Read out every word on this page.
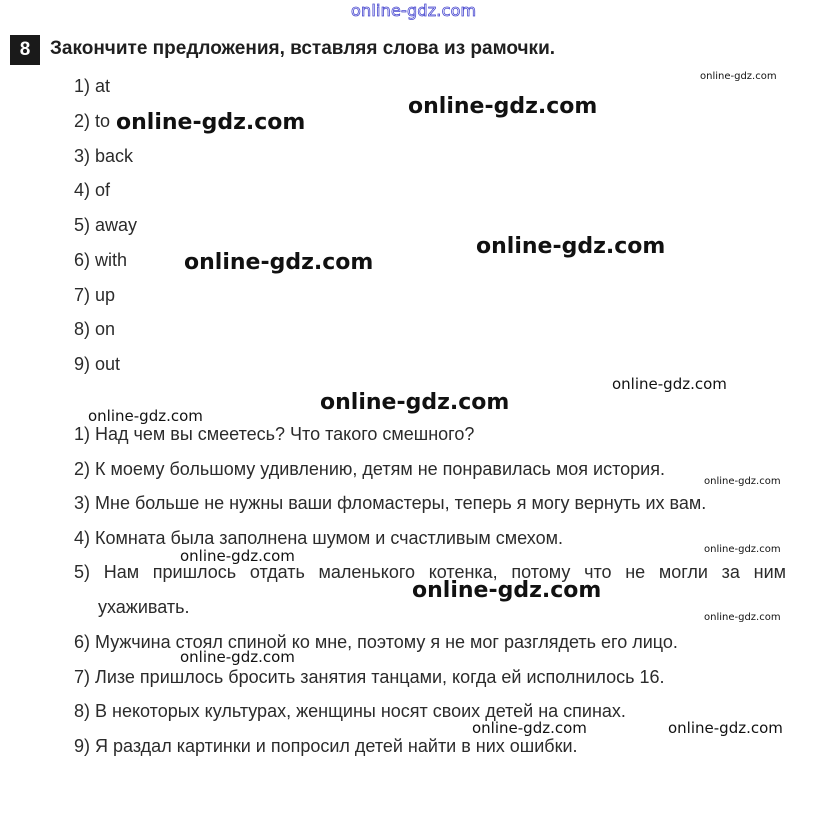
online-gdz.com
8	Закончите предложения, вставляя слова из рамочки.
1) at
2) to
3) back
4) of
5) away
6) with
7) up
8) on
9) out
1) Над чем вы смеетесь? Что такого смешного?
2) К моему большому удивлению, детям не понравилась моя история.
3) Мне больше не нужны ваши фломастеры, теперь я могу вернуть их вам.
4) Комната была заполнена шумом и счастливым смехом.
5) Нам пришлось отдать маленького котенка, потому что не могли за ним ухаживать.
6) Мужчина стоял спиной ко мне, поэтому я не мог разглядеть его лицо.
7) Лизе пришлось бросить занятия танцами, когда ей исполнилось 16.
8) В некоторых культурах, женщины носят своих детей на спинах.
9) Я раздал картинки и попросил детей найти в них ошибки.
online-gdz.com
online-gdz.com
online-gdz.com
online-gdz.com
online-gdz.com
online-gdz.com
online-gdz.com
online-gdz.com
online-gdz.com
online-gdz.com
online-gdz.com
online-gdz.com
online-gdz.com
online-gdz.com
online-gdz.com	online-gdz.com
